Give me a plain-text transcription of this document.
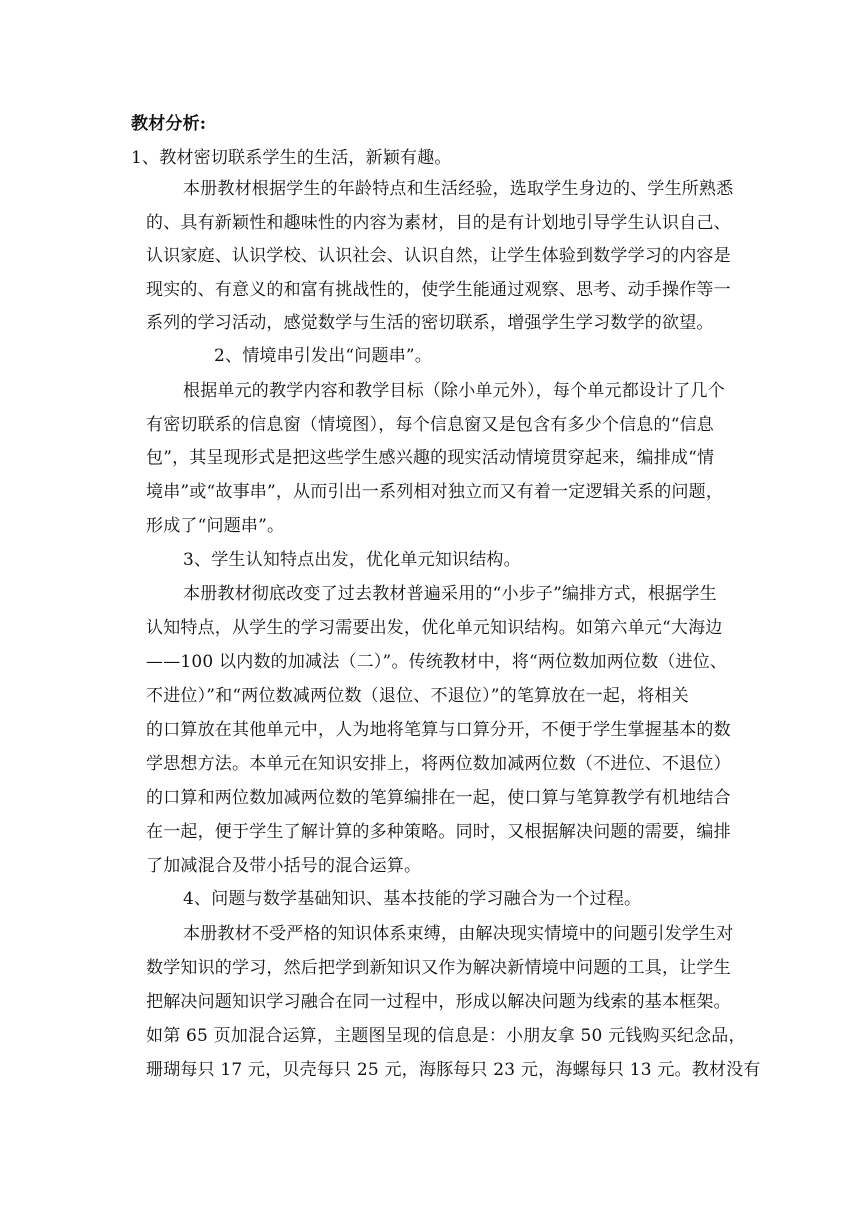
教材分析:
1、教材密切联系学生的生活，新颖有趣。
本册教材根据学生的年龄特点和生活经验，选取学生身边的、学生所熟悉
的、具有新颖性和趣味性的内容为素材，目的是有计划地引导学生认识自己、
认识家庭、认识学校、认识社会、认识自然，让学生体验到数学学习的内容是
现实的、有意义的和富有挑战性的，使学生能通过观察、思考、动手操作等一
系列的学习活动，感觉数学与生活的密切联系，增强学生学习数学的欲望。
2、情境串引发出“问题串”。
根据单元的教学内容和教学目标（除小单元外），每个单元都设计了几个
有密切联系的信息窗（情境图），每个信息窗又是包含有多少个信息的“信息
包”，其呈现形式是把这些学生感兴趣的现实活动情境贯穿起来，编排成“情
境串”或“故事串”，从而引出一系列相对独立而又有着一定逻辑关系的问题，
形成了“问题串”。
3、学生认知特点出发，优化单元知识结构。
本册教材彻底改变了过去教材普遍采用的“小步子”编排方式，根据学生
认知特点，从学生的学习需要出发，优化单元知识结构。如第六单元“大海边
——100 以内数的加减法（二）”。传统教材中，将“两位数加两位数（进位、
不进位）”和“两位数减两位数（退位、不退位）”的笔算放在一起，将相关
的口算放在其他单元中，人为地将笔算与口算分开，不便于学生掌握基本的数
学思想方法。本单元在知识安排上，将两位数加减两位数（不进位、不退位）
的口算和两位数加减两位数的笔算编排在一起，使口算与笔算教学有机地结合
在一起，便于学生了解计算的多种策略。同时，又根据解决问题的需要，编排
了加减混合及带小括号的混合运算。
4、问题与数学基础知识、基本技能的学习融合为一个过程。
本册教材不受严格的知识体系束缚，由解决现实情境中的问题引发学生对
数学知识的学习，然后把学到新知识又作为解决新情境中问题的工具，让学生
把解决问题知识学习融合在同一过程中，形成以解决问题为线索的基本框架。
如第 65 页加混合运算，主题图呈现的信息是：小朋友拿 50 元钱购买纪念品，
珊瑚每只 17 元，贝壳每只 25 元，海豚每只 23 元，海螺每只 13 元。教材没有
